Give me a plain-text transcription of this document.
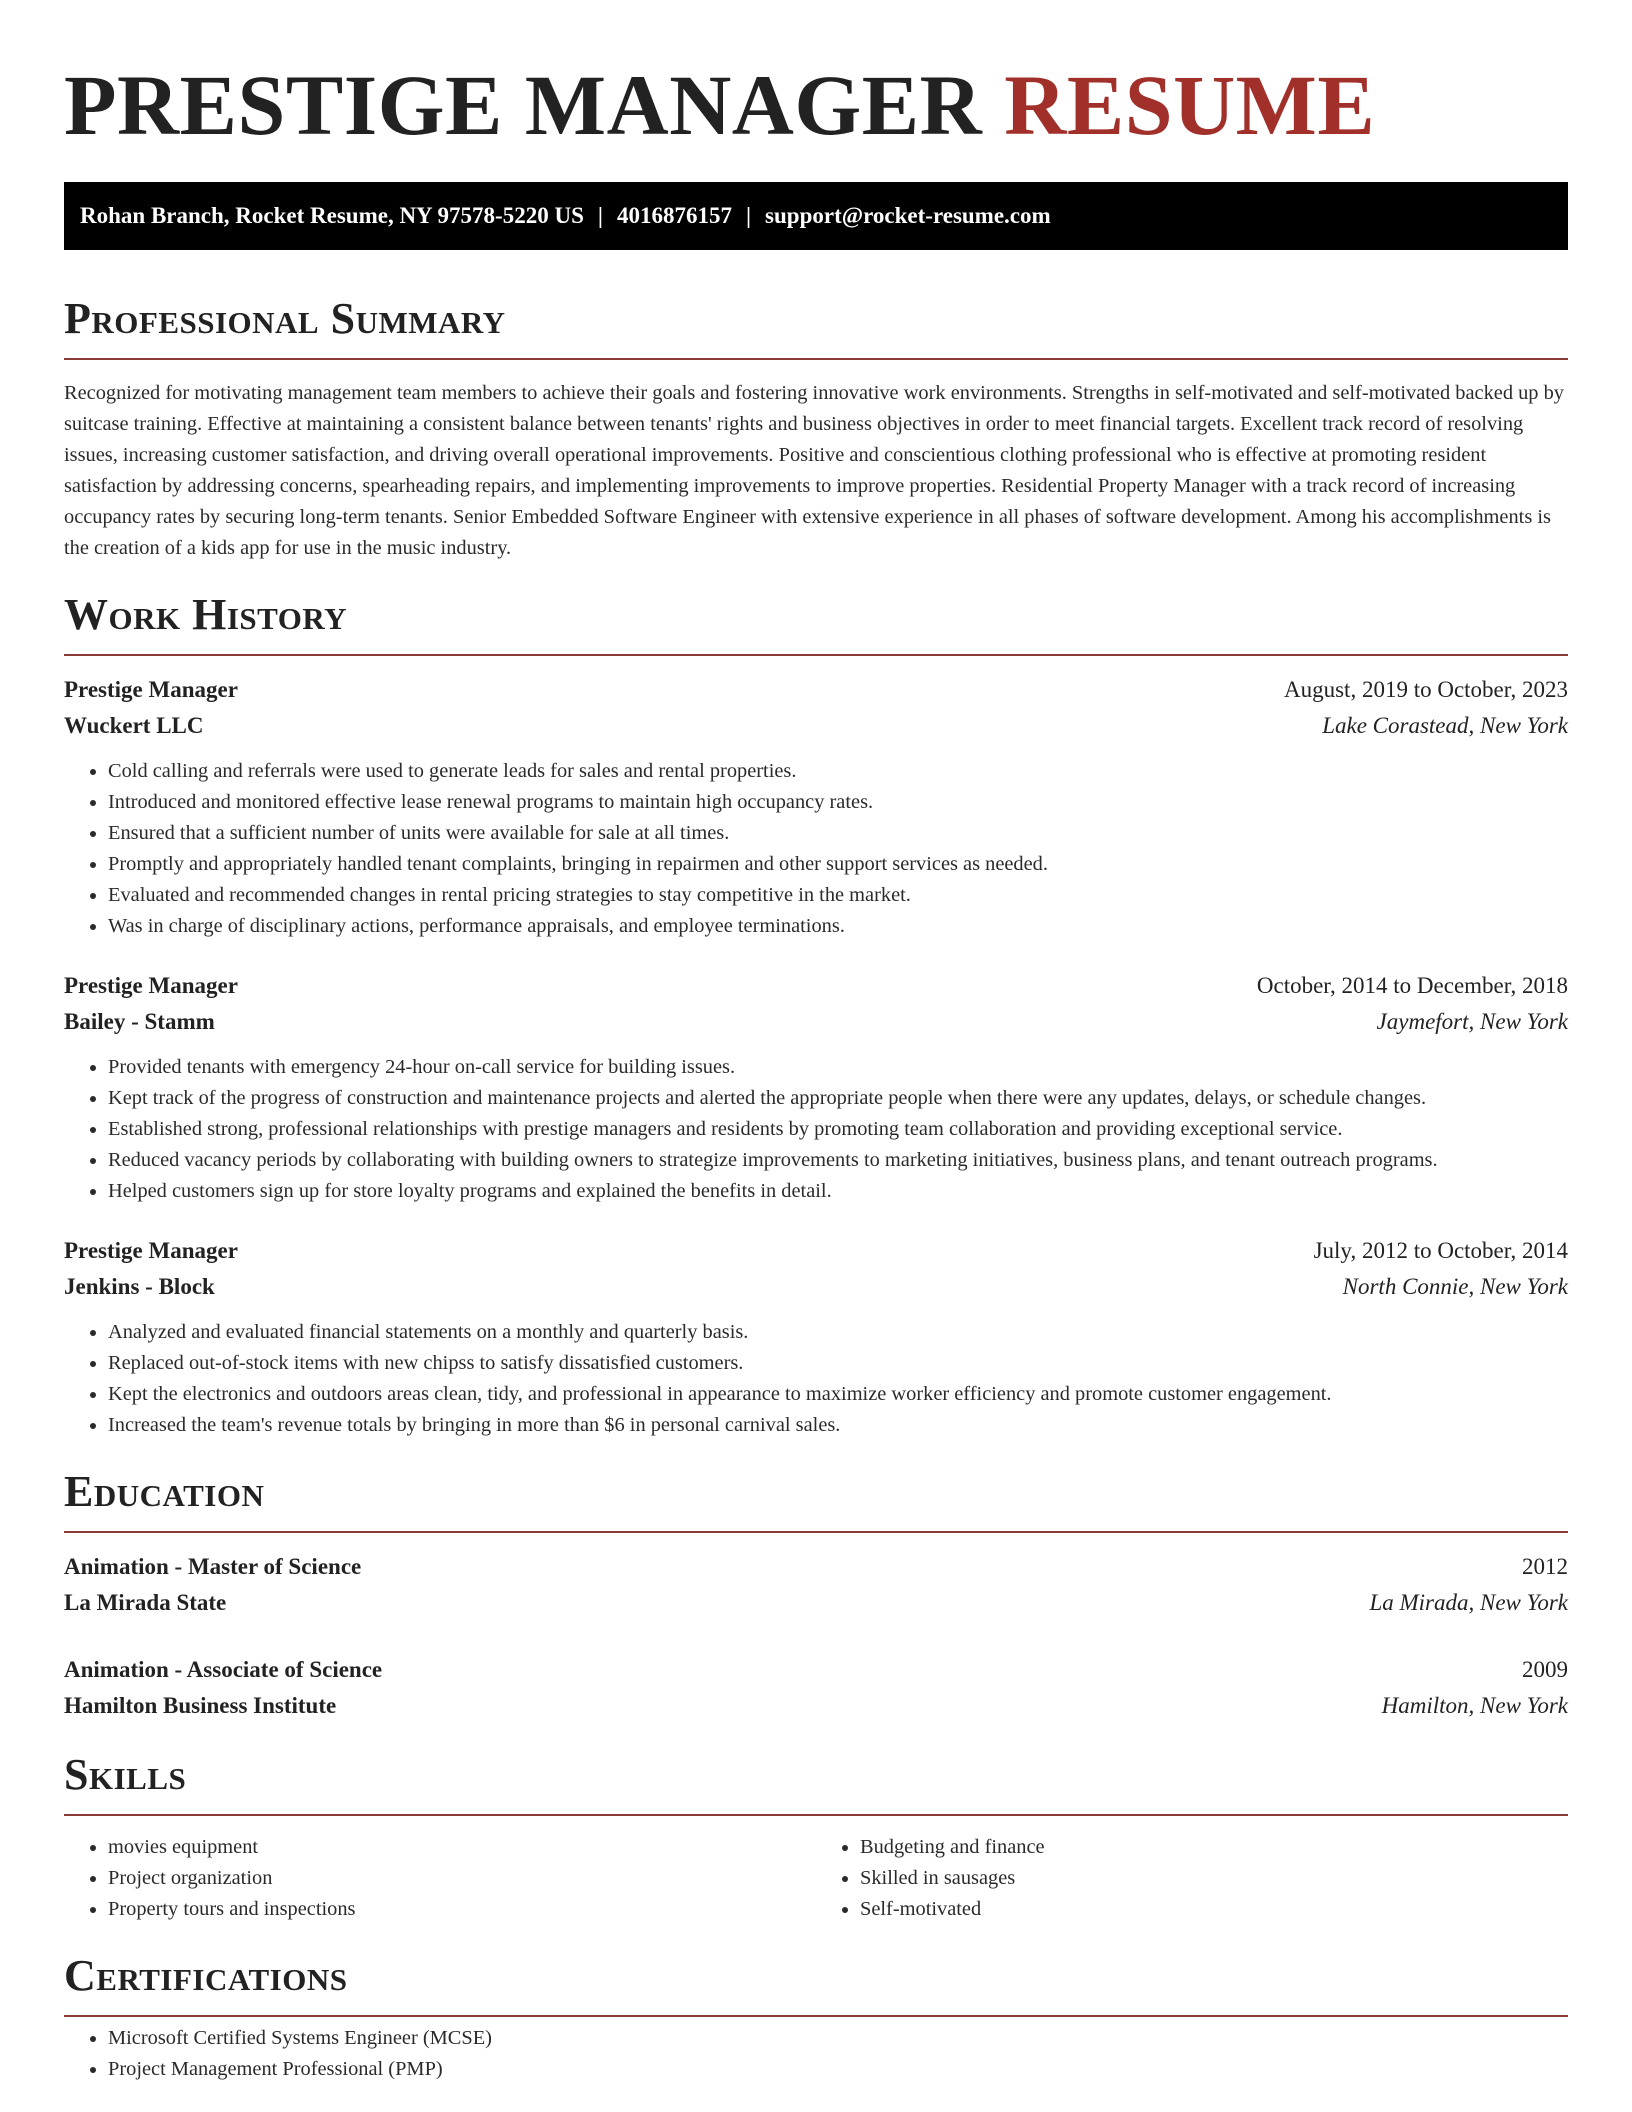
PRESTIGE MANAGER RESUME
Rohan Branch, Rocket Resume, NY 97578-5220 US | 4016876157 | support@rocket-resume.com
Professional Summary

Recognized for motivating management team members to achieve their goals and fostering innovative work environments. Strengths in self-motivated and self-motivated backed up by suitcase training. Effective at maintaining a consistent balance between tenants' rights and business objectives in order to meet financial targets. Excellent track record of resolving issues, increasing customer satisfaction, and driving overall operational improvements. Positive and conscientious clothing professional who is effective at promoting resident satisfaction by addressing concerns, spearheading repairs, and implementing improvements to improve properties. Residential Property Manager with a track record of increasing occupancy rates by securing long-term tenants. Senior Embedded Software Engineer with extensive experience in all phases of software development. Among his accomplishments is the creation of a kids app for use in the music industry.

Work History
Prestige Manager	August, 2019 to October, 2023
Wuckert LLC	Lake Corastead, New York
• Cold calling and referrals were used to generate leads for sales and rental properties.
• Introduced and monitored effective lease renewal programs to maintain high occupancy rates.
• Ensured that a sufficient number of units were available for sale at all times.
• Promptly and appropriately handled tenant complaints, bringing in repairmen and other support services as needed.
• Evaluated and recommended changes in rental pricing strategies to stay competitive in the market.
• Was in charge of disciplinary actions, performance appraisals, and employee terminations.
Prestige Manager	October, 2014 to December, 2018
Bailey - Stamm	Jaymefort, New York
• Provided tenants with emergency 24-hour on-call service for building issues.
• Kept track of the progress of construction and maintenance projects and alerted the appropriate people when there were any updates, delays, or schedule changes.
• Established strong, professional relationships with prestige managers and residents by promoting team collaboration and providing exceptional service.
• Reduced vacancy periods by collaborating with building owners to strategize improvements to marketing initiatives, business plans, and tenant outreach programs.
• Helped customers sign up for store loyalty programs and explained the benefits in detail.
Prestige Manager	July, 2012 to October, 2014
Jenkins - Block	North Connie, New York
• Analyzed and evaluated financial statements on a monthly and quarterly basis.
• Replaced out-of-stock items with new chipss to satisfy dissatisfied customers.
• Kept the electronics and outdoors areas clean, tidy, and professional in appearance to maximize worker efficiency and promote customer engagement.
• Increased the team's revenue totals by bringing in more than $6 in personal carnival sales.
Education
Animation - Master of Science	2012
La Mirada State	La Mirada, New York
Animation - Associate of Science	2009
Hamilton Business Institute	Hamilton, New York
Skills
• movies equipment
• Project organization
• Property tours and inspections
• Budgeting and finance
• Skilled in sausages
• Self-motivated
Certifications
• Microsoft Certified Systems Engineer (MCSE)
• Project Management Professional (PMP)
